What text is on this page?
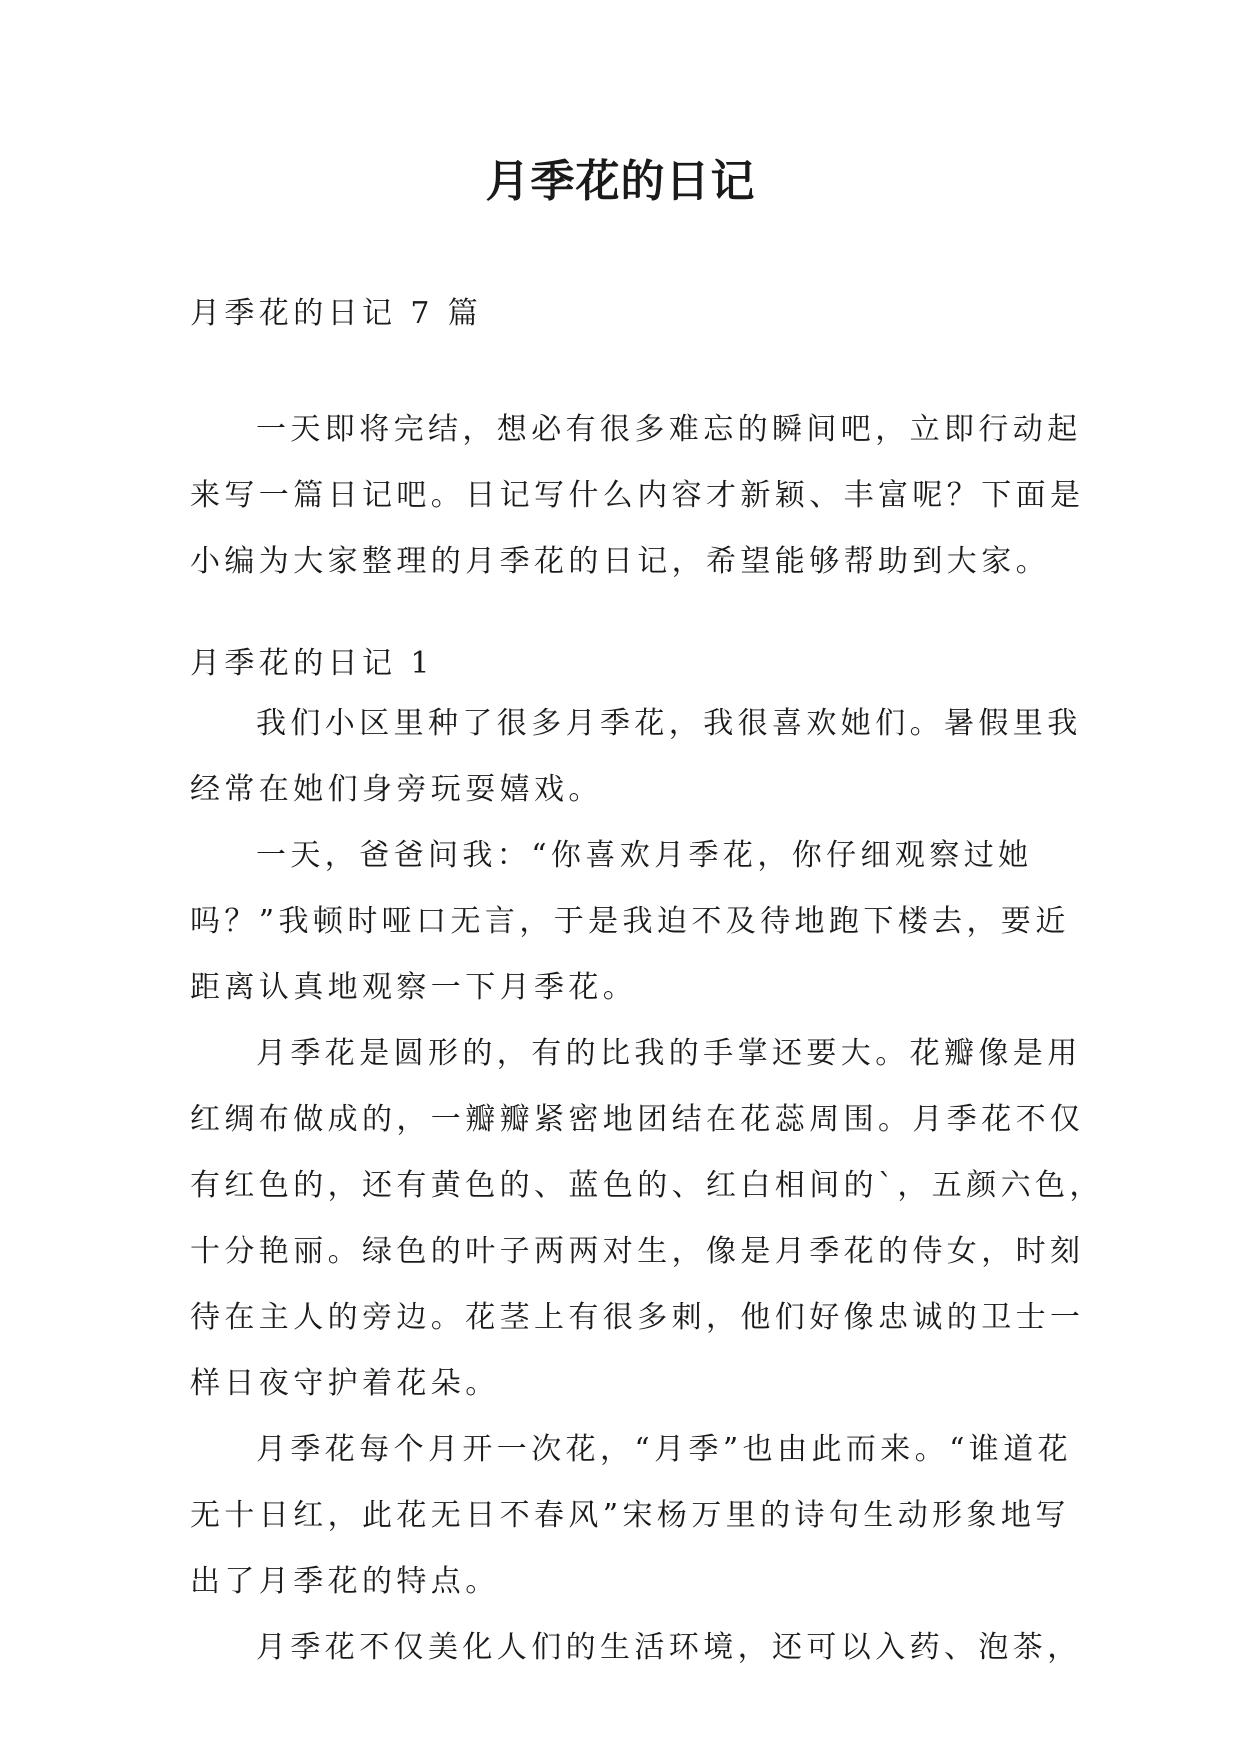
月季花的日记

月季花的日记 7 篇

一天即将完结，想必有很多难忘的瞬间吧，立即行动起
来写一篇日记吧。日记写什么内容才新颖、丰富呢？下面是
小编为大家整理的月季花的日记，希望能够帮助到大家。

月季花的日记 1

我们小区里种了很多月季花，我很喜欢她们。暑假里我
经常在她们身旁玩耍嬉戏。
一天，爸爸问我：“你喜欢月季花，你仔细观察过她
吗？”我顿时哑口无言，于是我迫不及待地跑下楼去，要近
距离认真地观察一下月季花。
月季花是圆形的，有的比我的手掌还要大。花瓣像是用
红绸布做成的，一瓣瓣紧密地团结在花蕊周围。月季花不仅
有红色的，还有黄色的、蓝色的、红白相间的`，五颜六色，
十分艳丽。绿色的叶子两两对生，像是月季花的侍女，时刻
待在主人的旁边。花茎上有很多刺，他们好像忠诚的卫士一
样日夜守护着花朵。
月季花每个月开一次花，“月季”也由此而来。“谁道花
无十日红，此花无日不春风”宋杨万里的诗句生动形象地写
出了月季花的特点。
月季花不仅美化人们的生活环境，还可以入药、泡茶，
